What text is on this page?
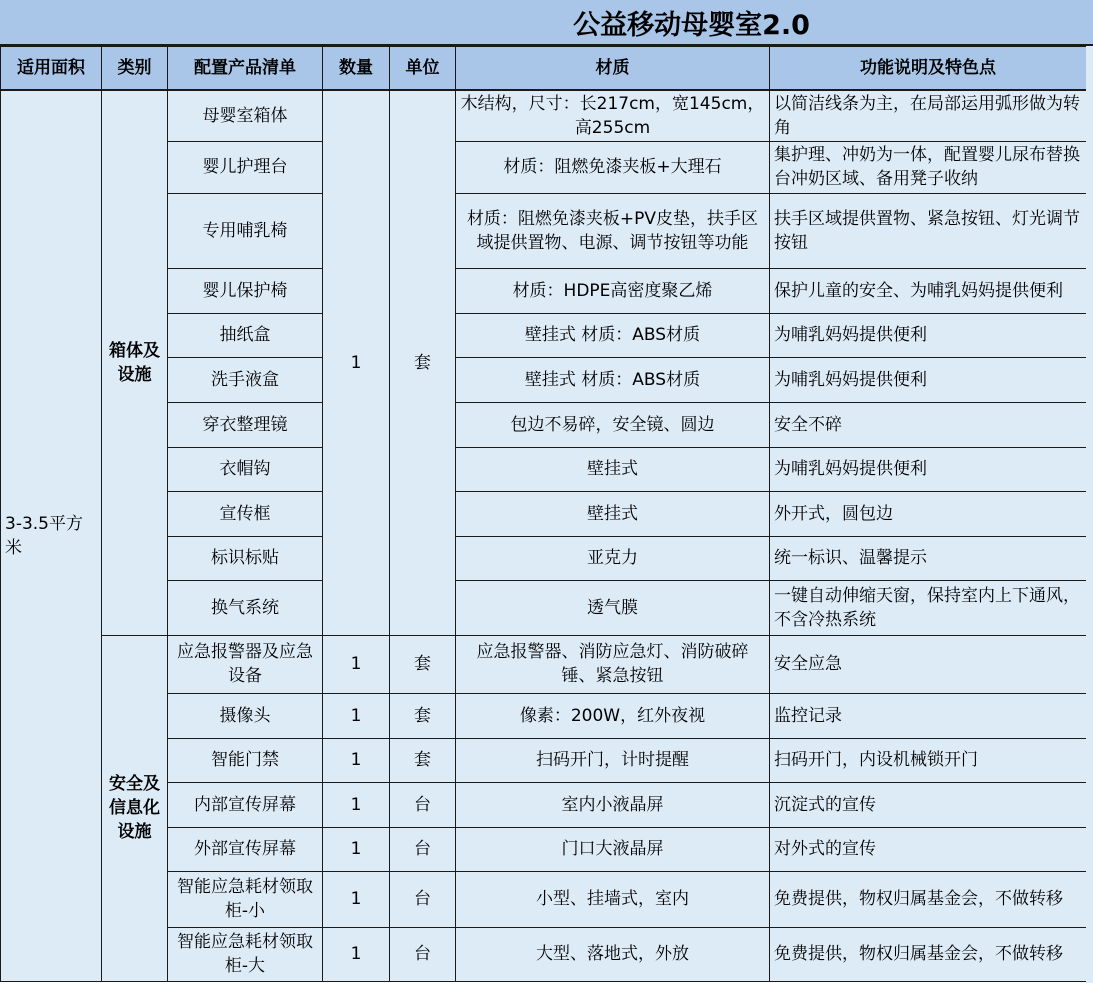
公益移动母婴室2.0
适用面积	类别	配置产品清单	数量	单位	材质	功能说明及特色点
3-3.5平方米	箱体及设施	母婴室箱体	1	套	木结构，尺寸：长217cm，宽145cm，高255cm	以简洁线条为主，在局部运用弧形做为转角
		婴儿护理台			材质：阻燃免漆夹板+大理石	集护理、冲奶为一体，配置婴儿尿布替换台冲奶区域、备用凳子收纳
		专用哺乳椅			材质：阻燃免漆夹板+PV皮垫，扶手区域提供置物、电源、调节按钮等功能	扶手区域提供置物、紧急按钮、灯光调节按钮
		婴儿保护椅			材质：HDPE高密度聚乙烯	保护儿童的安全、为哺乳妈妈提供便利
		抽纸盒			壁挂式 材质：ABS材质	为哺乳妈妈提供便利
		洗手液盒			壁挂式 材质：ABS材质	为哺乳妈妈提供便利
		穿衣整理镜			包边不易碎，安全镜、圆边	安全不碎
		衣帽钩			壁挂式	为哺乳妈妈提供便利
		宣传框			壁挂式	外开式，圆包边
		标识标贴			亚克力	统一标识、温馨提示
		换气系统			透气膜	一键自动伸缩天窗，保持室内上下通风，不含冷热系统
	安全及信息化设施	应急报警器及应急设备	1	套	应急报警器、消防应急灯、消防破碎锤、紧急按钮	安全应急
		摄像头	1	套	像素：200W，红外夜视	监控记录
		智能门禁	1	套	扫码开门，计时提醒	扫码开门，内设机械锁开门
		内部宣传屏幕	1	台	室内小液晶屏	沉淀式的宣传
		外部宣传屏幕	1	台	门口大液晶屏	对外式的宣传
		智能应急耗材领取柜-小	1	台	小型、挂墙式，室内	免费提供，物权归属基金会，不做转移
		智能应急耗材领取柜-大	1	台	大型、落地式，外放	免费提供，物权归属基金会，不做转移
